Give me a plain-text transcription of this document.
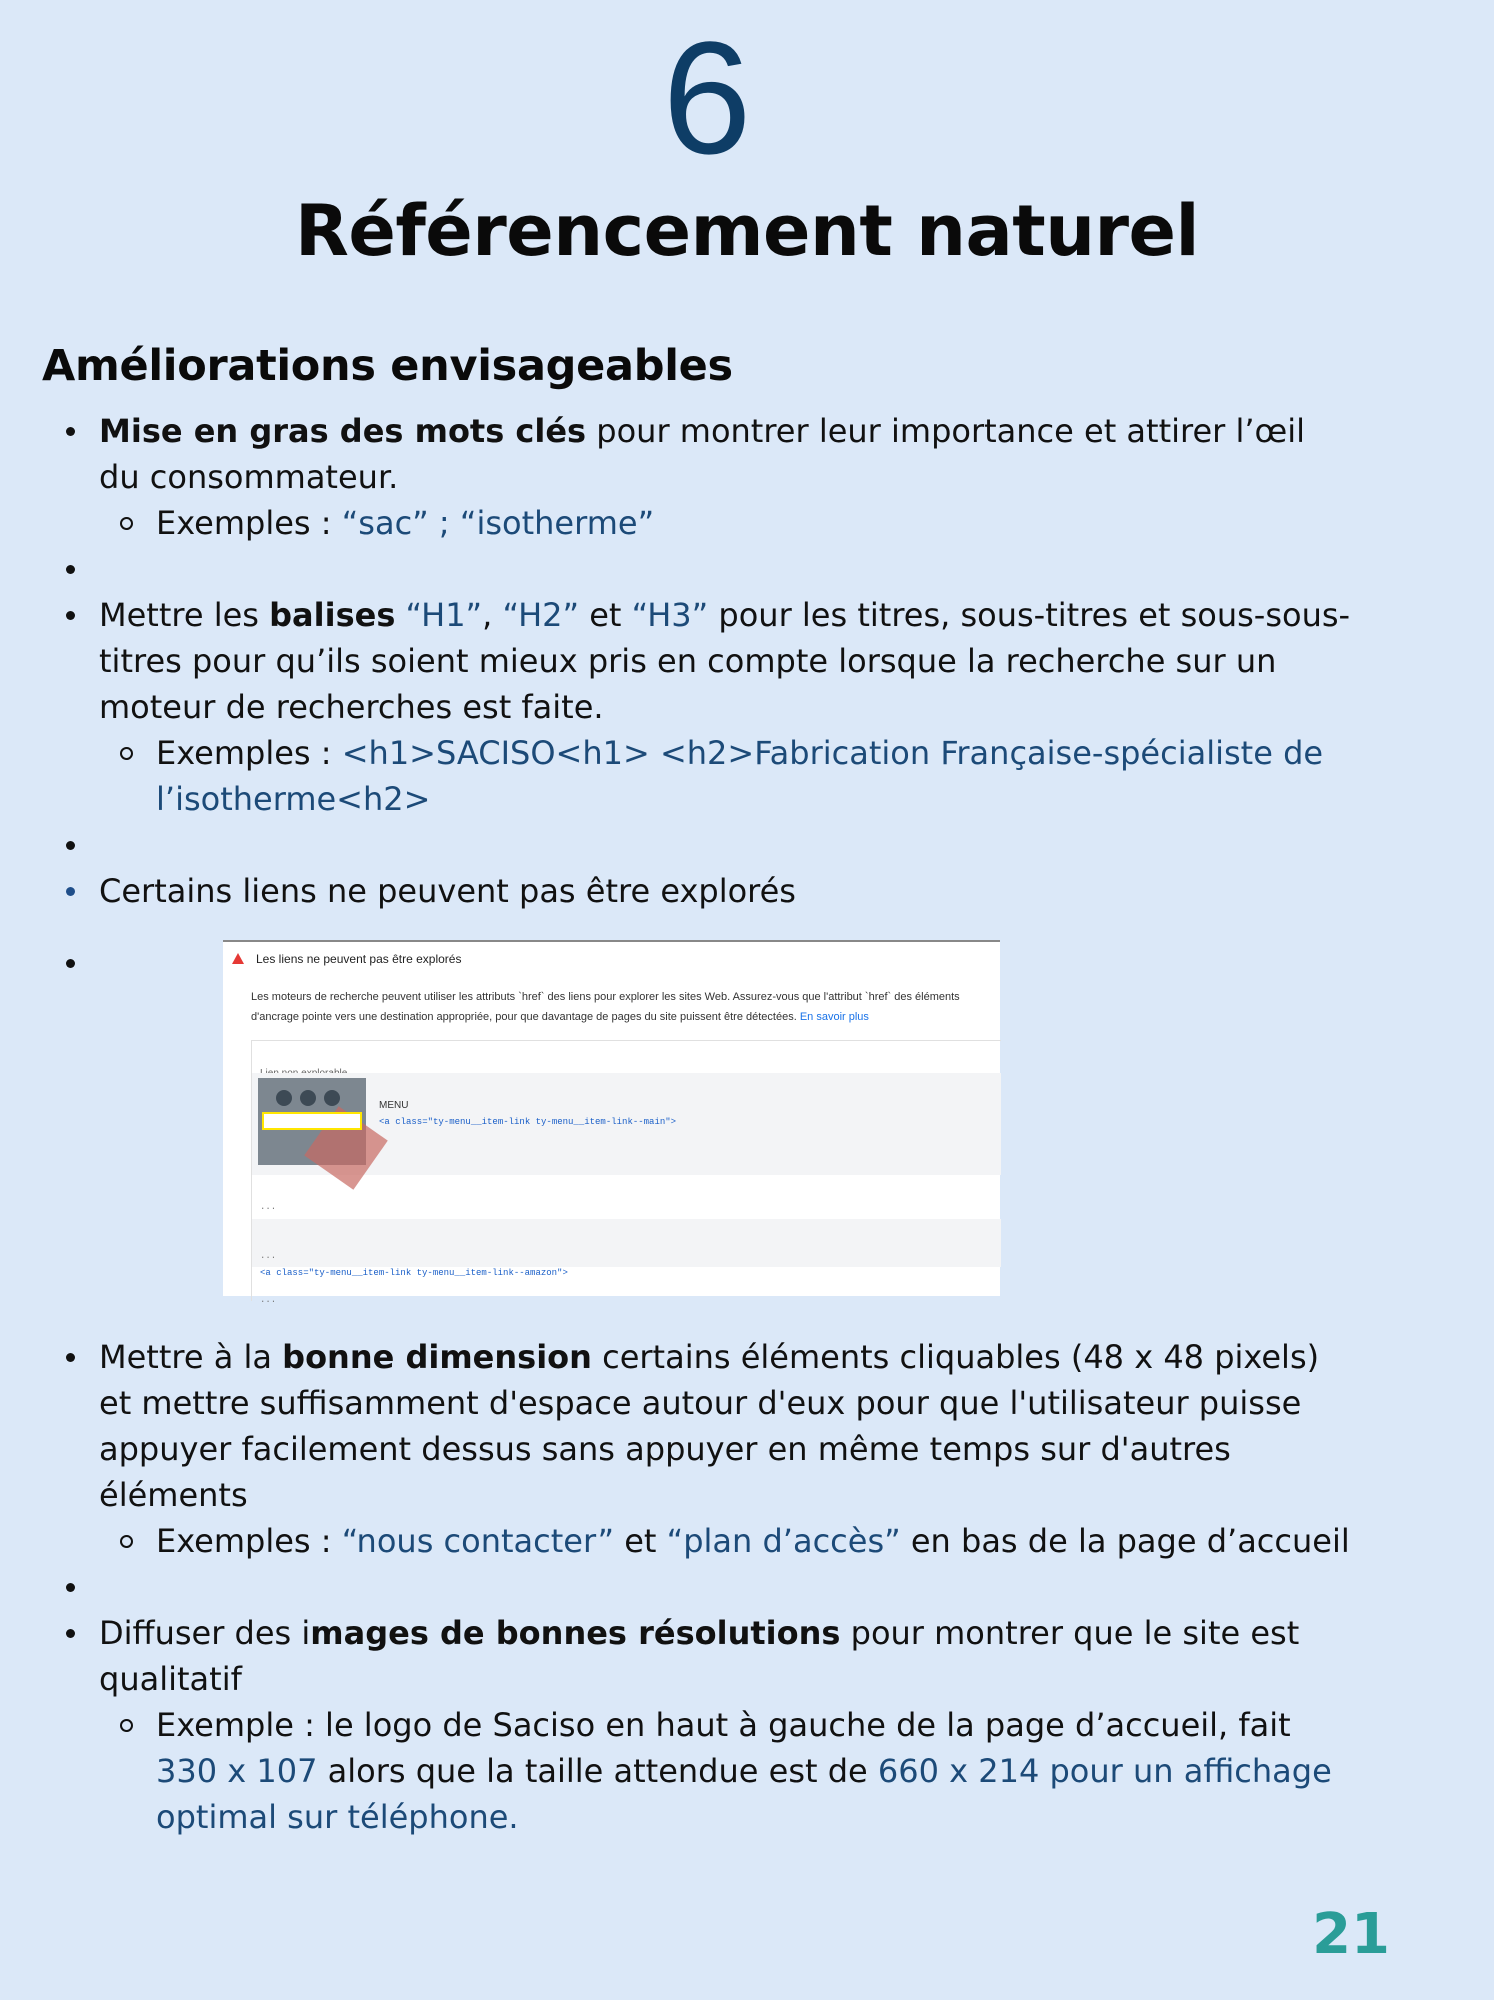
6
Référencement naturel
Améliorations envisageables
Mise en gras des mots clés pour montrer leur importance et attirer l’œil du consommateur.
Exemples : “sac” ; “isotherme”
Mettre les balises “H1”, “H2” et “H3” pour les titres, sous-titres et sous-sous-titres pour qu’ils soient mieux pris en compte lorsque la recherche sur un moteur de recherches est faite.
Exemples : <h1>SACISO<h1> <h2>Fabrication Française-spécialiste de l’isotherme<h2>
Certains liens ne peuvent pas être explorés
Les liens ne peuvent pas être explorés
Les moteurs de recherche peuvent utiliser les attributs `href` des liens pour explorer les sites Web. Assurez-vous que l'attribut `href` des éléments d'ancrage pointe vers une destination appropriée, pour que davantage de pages du site puissent être détectées. En savoir plus
MENU
<a class="ty-menu__item-link ty-menu__item-link--main">
...
...
<a class="ty-menu__item-link ty-menu__item-link--amazon">
...
Mettre à la bonne dimension certains éléments cliquables (48 x 48 pixels) et mettre suffisamment d'espace autour d'eux pour que l'utilisateur puisse appuyer facilement dessus sans appuyer en même temps sur d'autres éléments
Exemples : “nous contacter” et “plan d’accès” en bas de la page d’accueil
Diffuser des images de bonnes résolutions pour montrer que le site est qualitatif
Exemple : le logo de Saciso en haut à gauche de la page d’accueil, fait 330 x 107 alors que la taille attendue est de 660 x 214 pour un affichage optimal sur téléphone.
21
